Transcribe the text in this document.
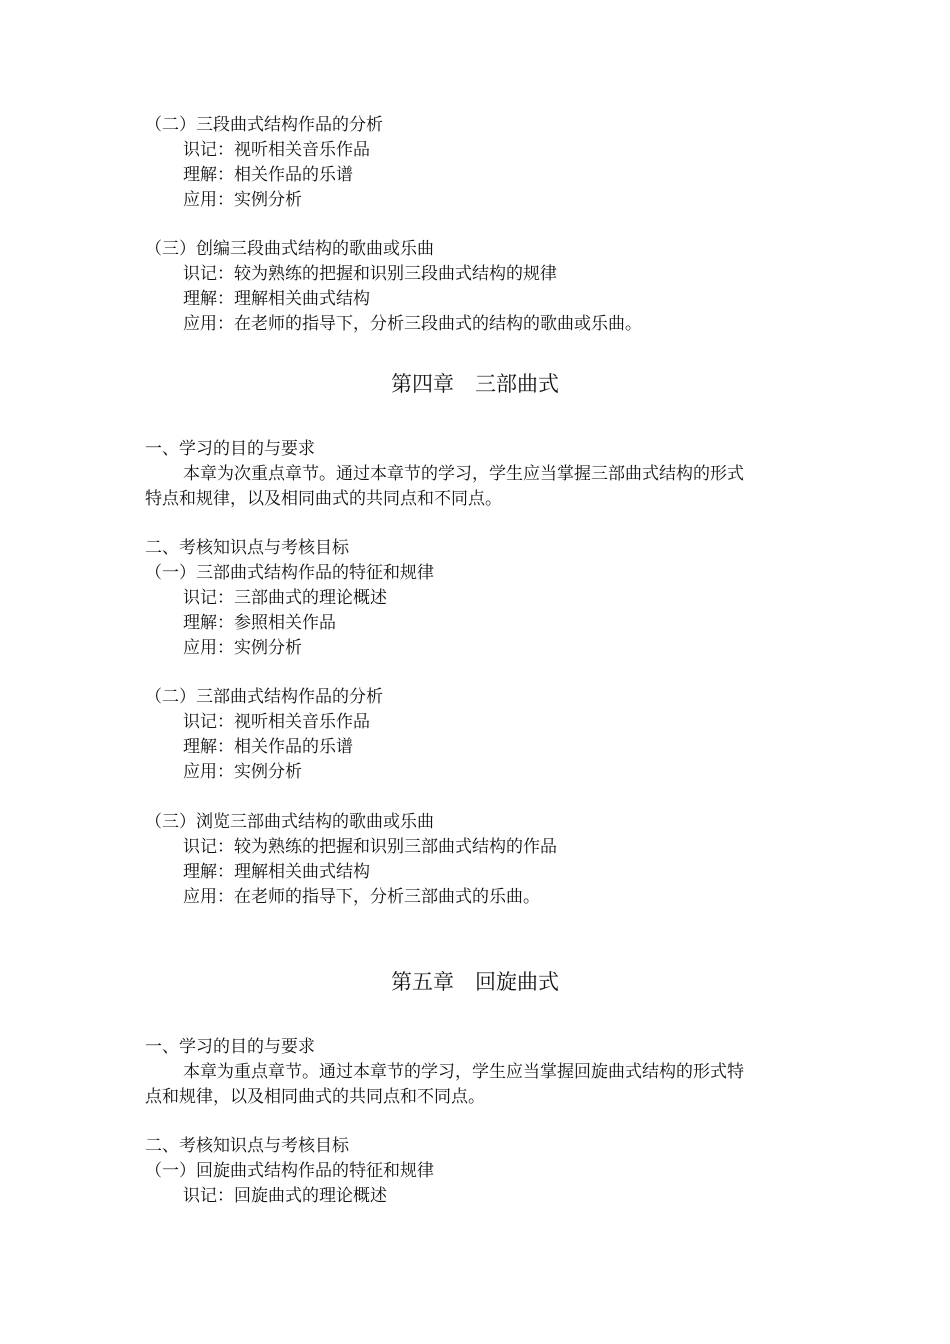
（二）三段曲式结构作品的分析
识记：视听相关音乐作品
理解：相关作品的乐谱
应用：实例分析
（三）创编三段曲式结构的歌曲或乐曲
识记：较为熟练的把握和识别三段曲式结构的规律
理解：理解相关曲式结构
应用：在老师的指导下，分析三段曲式的结构的歌曲或乐曲。
第四章　三部曲式
一、学习的目的与要求
本章为次重点章节。通过本章节的学习，学生应当掌握三部曲式结构的形式
特点和规律，以及相同曲式的共同点和不同点。
二、考核知识点与考核目标
（一）三部曲式结构作品的特征和规律
识记：三部曲式的理论概述
理解：参照相关作品
应用：实例分析
（二）三部曲式结构作品的分析
识记：视听相关音乐作品
理解：相关作品的乐谱
应用：实例分析
（三）浏览三部曲式结构的歌曲或乐曲
识记：较为熟练的把握和识别三部曲式结构的作品
理解：理解相关曲式结构
应用：在老师的指导下，分析三部曲式的乐曲。
第五章　回旋曲式
一、学习的目的与要求
本章为重点章节。通过本章节的学习，学生应当掌握回旋曲式结构的形式特
点和规律，以及相同曲式的共同点和不同点。
二、考核知识点与考核目标
（一）回旋曲式结构作品的特征和规律
识记：回旋曲式的理论概述
